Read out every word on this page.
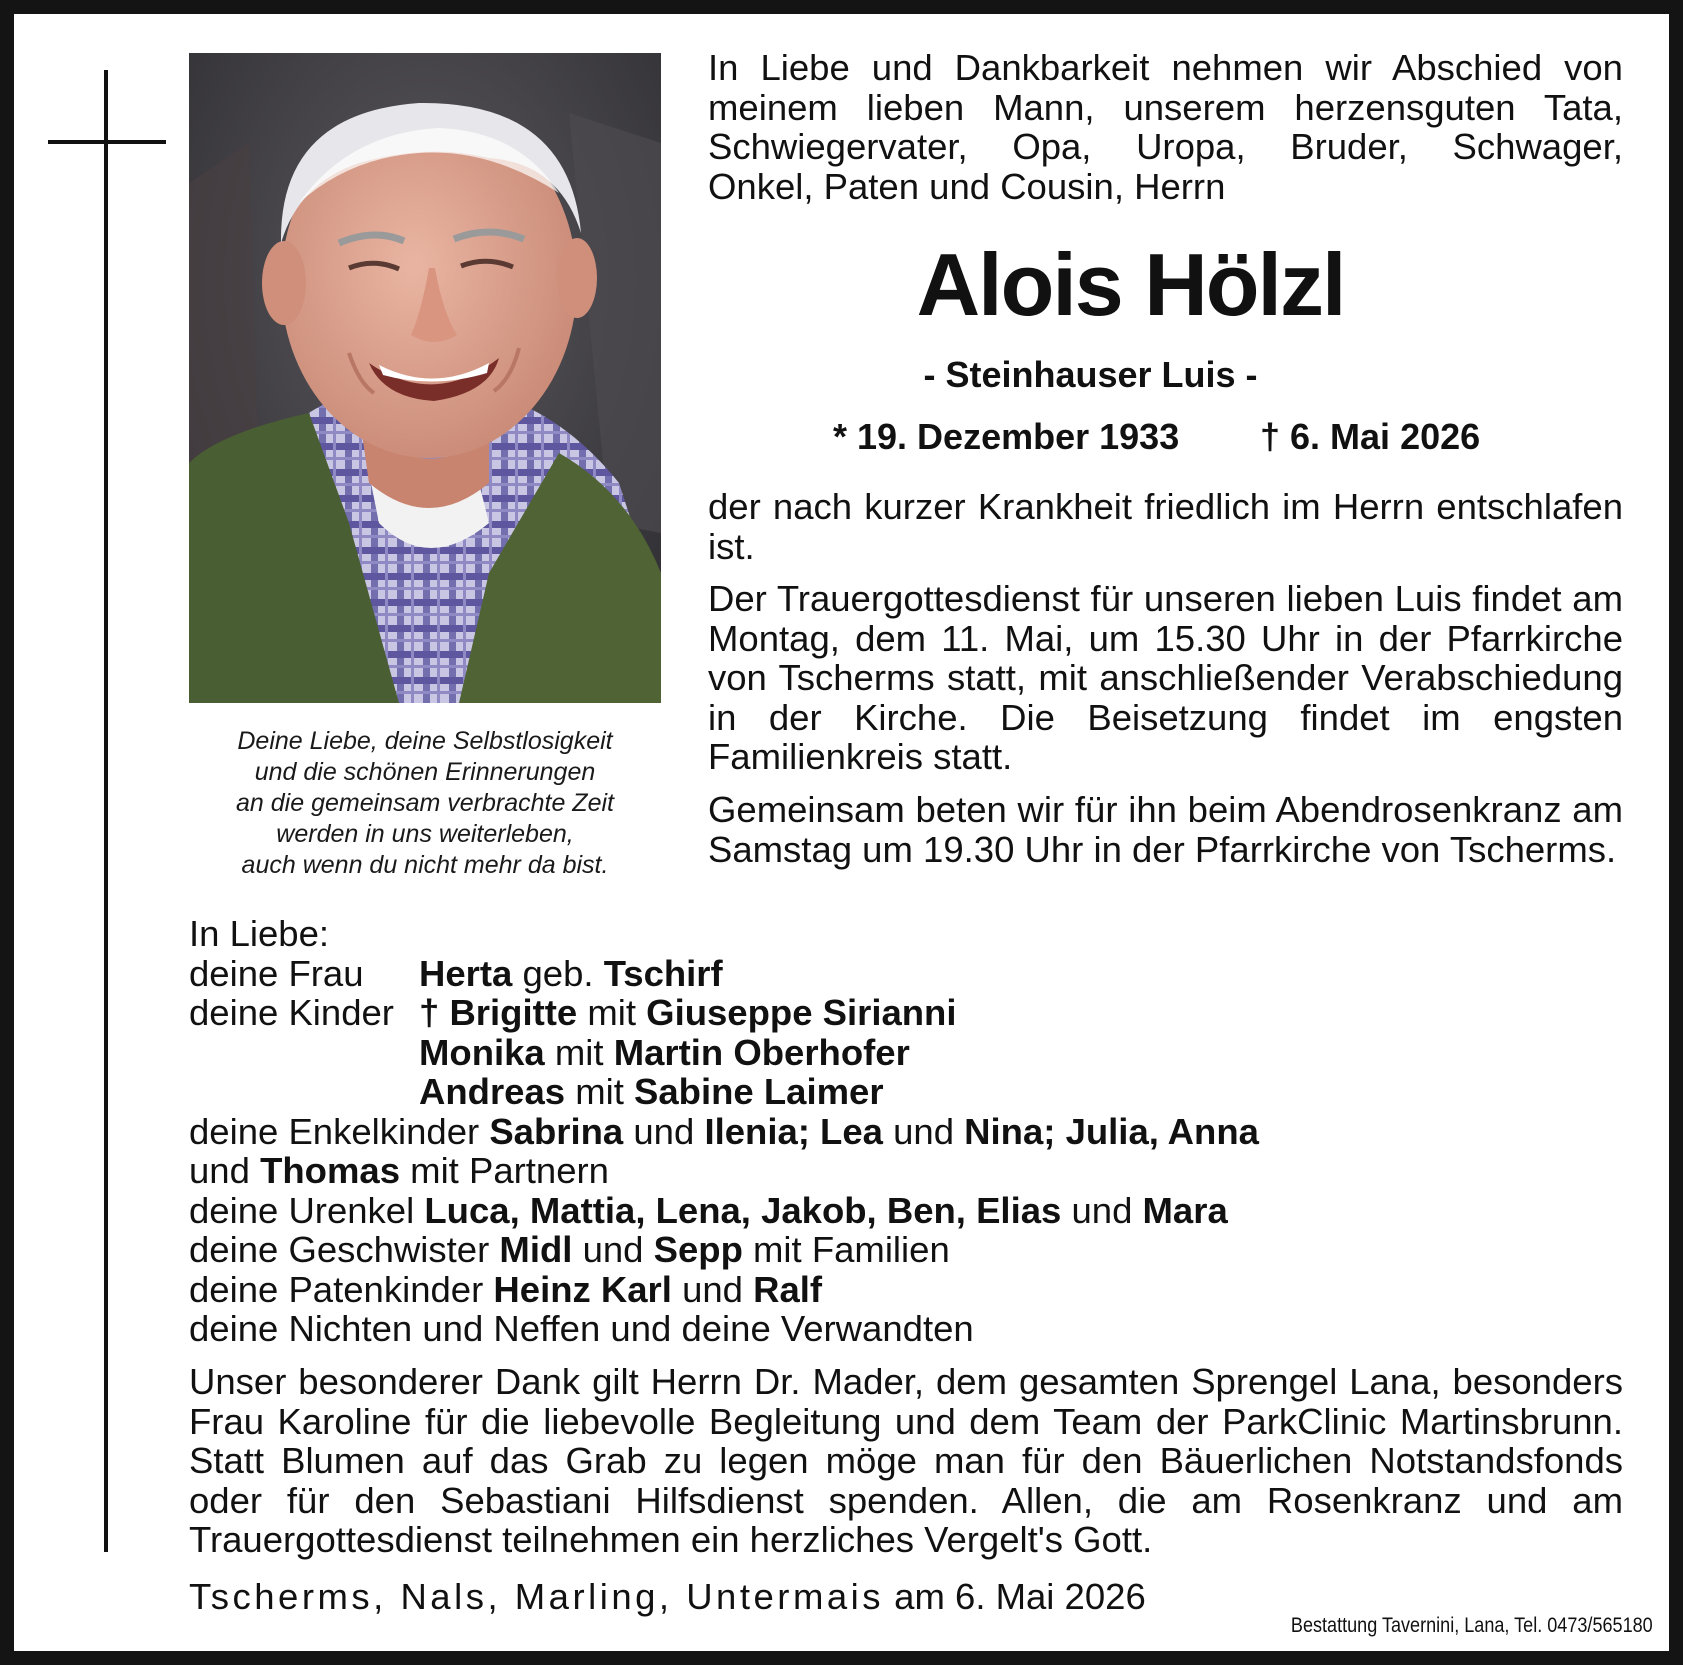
Deine Liebe, deine Selbstlosigkeit
und die schönen Erinnerungen
an die gemeinsam verbrachte Zeit
werden in uns weiterleben,
auch wenn du nicht mehr da bist.
In Liebe und Dankbarkeit nehmen wir Abschied von
meinem lieben Mann, unserem herzensguten Tata,
Schwiegervater, Opa, Uropa, Bruder, Schwager,
Onkel, Paten und Cousin, Herrn
Alois Hölzl
- Steinhauser Luis -
* 19. Dezember 1933 † 6. Mai 2026
der nach kurzer Krankheit friedlich im Herrn entschlafen ist.
Der Trauergottesdienst für unseren lieben Luis findet am Montag, dem 11. Mai, um 15.30 Uhr in der Pfarrkirche von Tscherms statt, mit anschließender Verabschiedung in der Kirche. Die Beisetzung findet im engsten Familienkreis statt.
Gemeinsam beten wir für ihn beim Abendrosenkranz am Samstag um 19.30 Uhr in der Pfarrkirche von Tscherms.
In Liebe:
deine Frau Herta geb. Tschirf
deine Kinder † Brigitte mit Giuseppe Sirianni
Monika mit Martin Oberhofer
Andreas mit Sabine Laimer
deine Enkelkinder Sabrina und Ilenia; Lea und Nina; Julia, Anna
und Thomas mit Partnern
deine Urenkel Luca, Mattia, Lena, Jakob, Ben, Elias und Mara
deine Geschwister Midl und Sepp mit Familien
deine Patenkinder Heinz Karl und Ralf
deine Nichten und Neffen und deine Verwandten
Unser besonderer Dank gilt Herrn Dr. Mader, dem gesamten Sprengel Lana, besonders Frau Karoline für die liebevolle Begleitung und dem Team der ParkClinic Martinsbrunn. Statt Blumen auf das Grab zu legen möge man für den Bäuerlichen Notstandsfonds oder für den Sebastiani Hilfsdienst spenden. Allen, die am Rosenkranz und am Trauergottesdienst teilnehmen ein herzliches Vergelt's Gott.
Tscherms, Nals, Marling, Untermais am 6. Mai 2026
Bestattung Tavernini, Lana, Tel. 0473/565180
